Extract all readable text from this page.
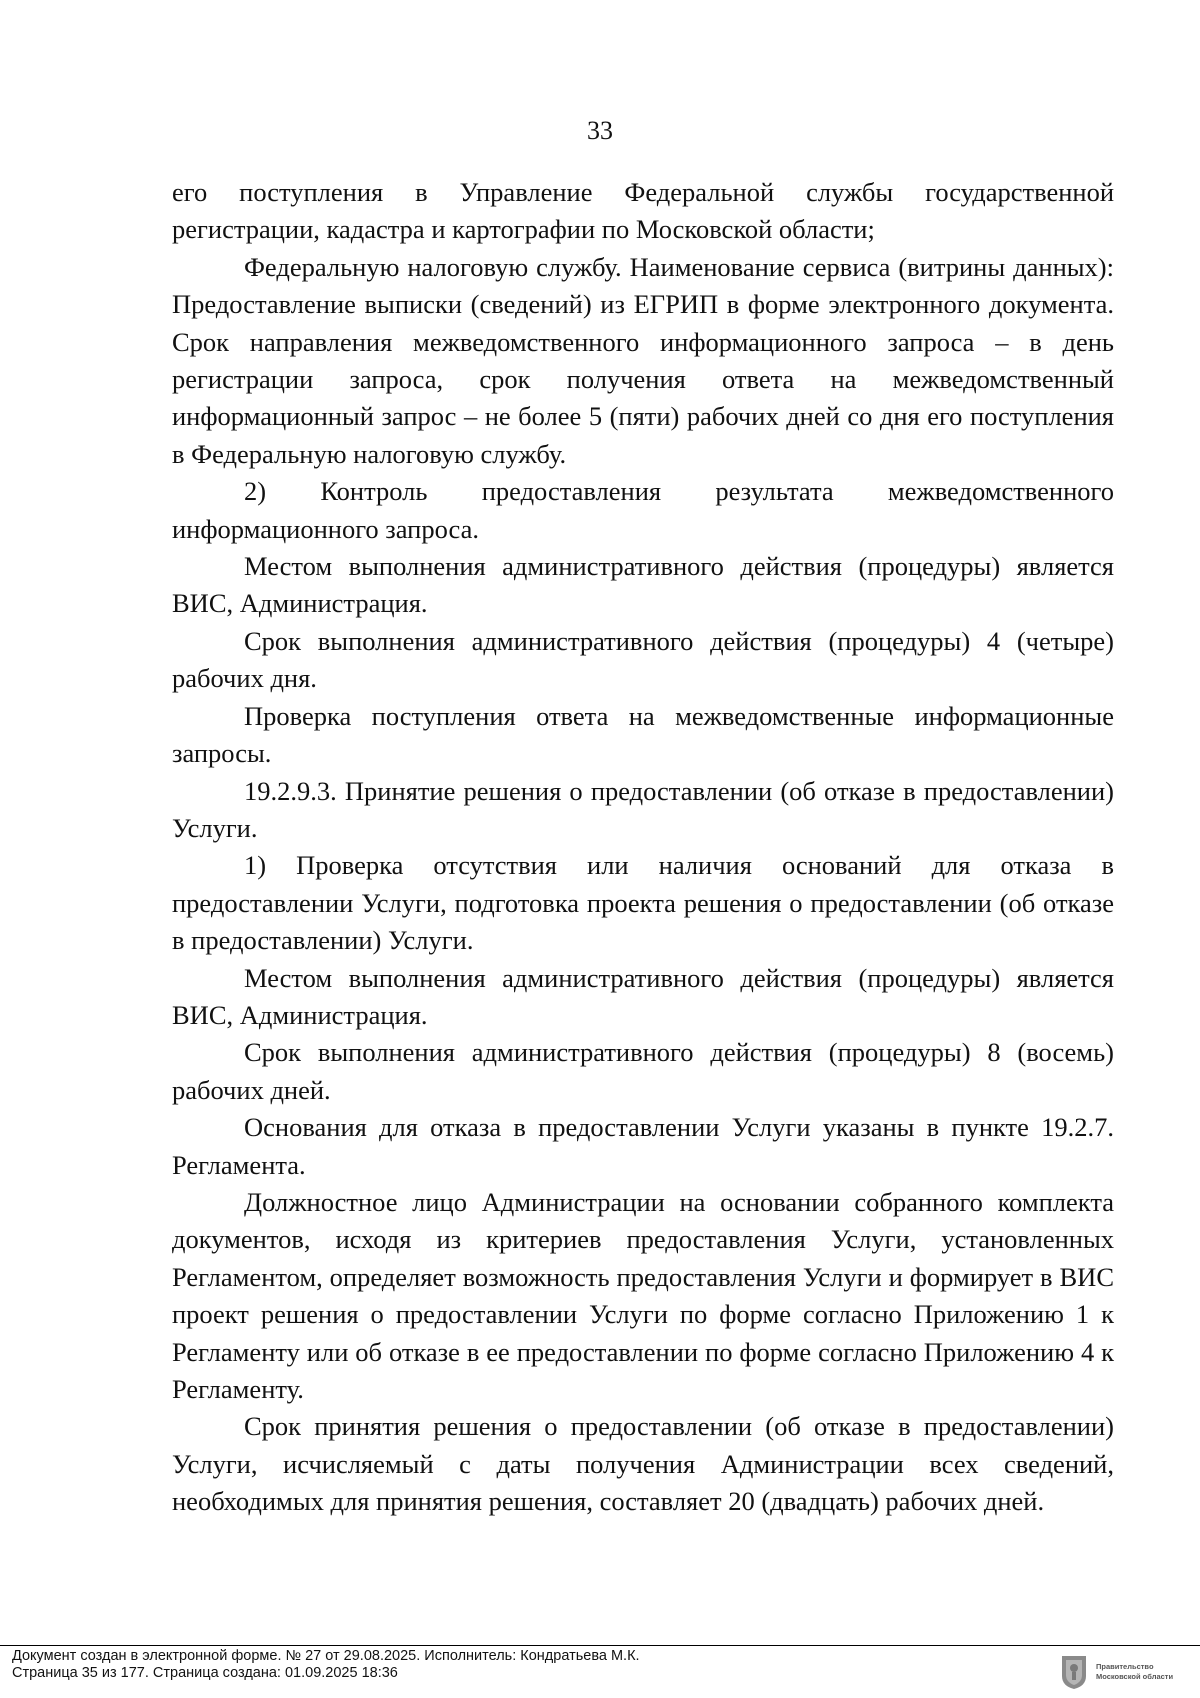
33

его поступления в Управление Федеральной службы государственной регистрации, кадастра и картографии по Московской области;

Федеральную налоговую службу. Наименование сервиса (витрины данных): Предоставление выписки (сведений) из ЕГРИП в форме электронного документа. Срок направления межведомственного информационного запроса – в день регистрации запроса, срок получения ответа на межведомственный информационный запрос – не более 5 (пяти) рабочих дней со дня его поступления в Федеральную налоговую службу.

2) Контроль предоставления результата межведомственного информационного запроса.

Местом выполнения административного действия (процедуры) является ВИС, Администрация.

Срок выполнения административного действия (процедуры) 4 (четыре) рабочих дня.

Проверка поступления ответа на межведомственные информационные запросы.

19.2.9.3. Принятие решения о предоставлении (об отказе в предоставлении) Услуги.

1) Проверка отсутствия или наличия оснований для отказа в предоставлении Услуги, подготовка проекта решения о предоставлении (об отказе в предоставлении) Услуги.

Местом выполнения административного действия (процедуры) является ВИС, Администрация.

Срок выполнения административного действия (процедуры) 8 (восемь) рабочих дней.

Основания для отказа в предоставлении Услуги указаны в пункте 19.2.7. Регламента.

Должностное лицо Администрации на основании собранного комплекта документов, исходя из критериев предоставления Услуги, установленных Регламентом, определяет возможность предоставления Услуги и формирует в ВИС проект решения о предоставлении Услуги по форме согласно Приложению 1 к Регламенту или об отказе в ее предоставлении по форме согласно Приложению 4 к Регламенту.

Срок принятия решения о предоставлении (об отказе в предоставлении) Услуги, исчисляемый с даты получения Администрации всех сведений, необходимых для принятия решения, составляет 20 (двадцать) рабочих дней.

Документ создан в электронной форме. № 27 от 29.08.2025. Исполнитель: Кондратьева М.К.
Страница 35 из 177. Страница создана: 01.09.2025 18:36	Правительство
Московской области
